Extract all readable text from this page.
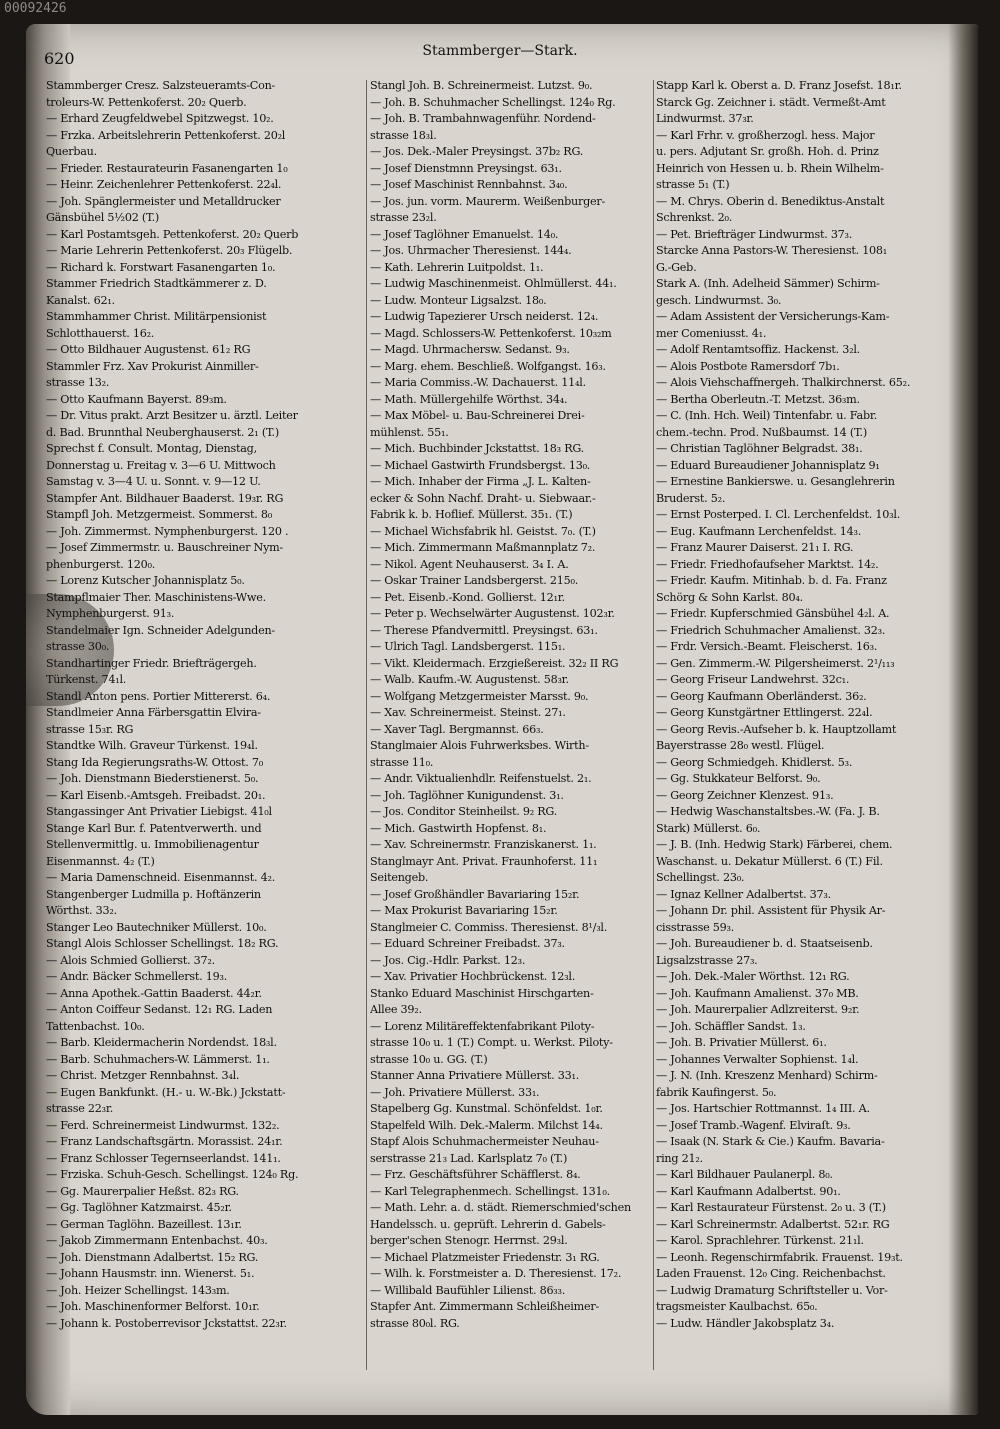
00092426
620	Stammberger—Stark.
Stammberger Cresz. Salzsteueramts-Con-
troleurs-W. Pettenkoferst. 20₂ Querb.
— Erhard Zeugfeldwebel Spitzwegst. 10₂.
— Frzka. Arbeitslehrerin Pettenkoferst. 20₂l
Querbau.
— Frieder. Restaurateurin Fasanengarten 1₀
— Heinr. Zeichenlehrer Pettenkoferst. 22₄l.
— Joh. Spänglermeister und Metalldrucker
Gänsbühel 5½02 (T.)
— Karl Postamtsgeh. Pettenkoferst. 20₂ Querb
— Marie Lehrerin Pettenkoferst. 20₃ Flügelb.
— Richard k. Forstwart Fasanengarten 1₀.
Stammer Friedrich Stadtkämmerer z. D.
Kanalst. 62₁.
Stammhammer Christ. Militärpensionist
Schlotthauerst. 16₂.
— Otto Bildhauer Augustenst. 61₂ RG
Stammler Frz. Xav Prokurist Ainmiller-
strasse 13₂.
— Otto Kaufmann Bayerst. 89₃m.
— Dr. Vitus prakt. Arzt Besitzer u. ärztl. Leiter
d. Bad. Brunnthal Neuberghauserst. 2₁ (T.)
Sprechst f. Consult. Montag, Dienstag,
Donnerstag u. Freitag v. 3—6 U. Mittwoch
Samstag v. 3—4 U. u. Sonnt. v. 9—12 U.
Stampfer Ant. Bildhauer Baaderst. 19₃r. RG
Stampfl Joh. Metzgermeist. Sommerst. 8₀
— Joh. Zimmermst. Nymphenburgerst. 120 .
— Josef Zimmermstr. u. Bauschreiner Nym-
phenburgerst. 120₀.
— Lorenz Kutscher Johannisplatz 5₀.
Stampflmaier Ther. Maschinistens-Wwe.
Nymphenburgerst. 91₃.
Standelmaier Ign. Schneider Adelgunden-
strasse 30₀.
Standhartinger Friedr. Briefträgergeh.
Türkenst. 74₁l.
Standl Anton pens. Portier Mittererst. 6₄.
Standlmeier Anna Färbersgattin Elvira-
strasse 15₃r. RG
Standtke Wilh. Graveur Türkenst. 19₄l.
Stang Ida Regierungsraths-W. Ottost. 7₀
— Joh. Dienstmann Biederstienerst. 5₀.
— Karl Eisenb.-Amtsgeh. Freibadst. 20₁.
Stangassinger Ant Privatier Liebigst. 41₀l
Stange Karl Bur. f. Patentverwerth. und
Stellenvermittlg. u. Immobilienagentur
Eisenmannst. 4₂ (T.)
— Maria Damenschneid. Eisenmannst. 4₂.
Stangenberger Ludmilla p. Hoftänzerin
Wörthst. 33₂.
Stanger Leo Bautechniker Müllerst. 10₀.
Stangl Alois Schlosser Schellingst. 18₂ RG.
— Alois Schmied Gollierst. 37₂.
— Andr. Bäcker Schmellerst. 19₃.
— Anna Apothek.-Gattin Baaderst. 44₂r.
— Anton Coiffeur Sedanst. 12₁ RG. Laden
Tattenbachst. 10₀.
— Barb. Kleidermacherin Nordendst. 18₃l.
— Barb. Schuhmachers-W. Lämmerst. 1₁.
— Christ. Metzger Rennbahnst. 3₄l.
— Eugen Bankfunkt. (H.- u. W.-Bk.) Jckstatt-
strasse 22₃r.
— Ferd. Schreinermeist Lindwurmst. 132₂.
— Franz Landschaftsgärtn. Morassist. 24₁r.
— Franz Schlosser Tegernseerlandst. 141₁.
— Frziska. Schuh-Gesch. Schellingst. 124₀ Rg.
— Gg. Maurerpalier Heßst. 82₃ RG.
— Gg. Taglöhner Katzmairst. 45₂r.
— German Taglöhn. Bazeillest. 13₁r.
— Jakob Zimmermann Entenbachst. 40₃.
— Joh. Dienstmann Adalbertst. 15₂ RG.
— Johann Hausmstr. inn. Wienerst. 5₁.
— Joh. Heizer Schellingst. 143₃m.
— Joh. Maschinenformer Belforst. 10₁r.
— Johann k. Postoberrevisor Jckstattst. 22₃r.
Stangl Joh. B. Schreinermeist. Lutzst. 9₀.
— Joh. B. Schuhmacher Schellingst. 124₀ Rg.
— Joh. B. Trambahnwagenführ. Nordend-
strasse 18₃l.
— Jos. Dek.-Maler Preysingst. 37b₂ RG.
— Josef Dienstmnn Preysingst. 63₁.
— Josef Maschinist Rennbahnst. 3₄₀.
— Jos. jun. vorm. Maurerm. Weißenburger-
strasse 23₂l.
— Josef Taglöhner Emanuelst. 14₀.
— Jos. Uhrmacher Theresienst. 144₄.
— Kath. Lehrerin Luitpoldst. 1₁.
— Ludwig Maschinenmeist. Ohlmüllerst. 44₁.
— Ludw. Monteur Ligsalzst. 18₀.
— Ludwig Tapezierer Ursch neiderst. 12₄.
— Magd. Schlossers-W. Pettenkoferst. 10₃₂m
— Magd. Uhrmachersw. Sedanst. 9₃.
— Marg. ehem. Beschließ. Wolfgangst. 16₃.
— Maria Commiss.-W. Dachauerst. 11₄l.
— Math. Müllergehilfe Wörthst. 34₄.
— Max Möbel- u. Bau-Schreinerei Drei-
mühlenst. 55₁.
— Mich. Buchbinder Jckstattst. 18₃ RG.
— Michael Gastwirth Frundsbergst. 13₀.
— Mich. Inhaber der Firma „J. L. Kalten-
ecker & Sohn Nachf. Draht- u. Siebwaar.-
Fabrik k. b. Hoflief. Müllerst. 35₁. (T.)
— Michael Wichsfabrik hl. Geistst. 7₀. (T.)
— Mich. Zimmermann Maßmannplatz 7₂.
— Nikol. Agent Neuhauserst. 3₄ I. A.
— Oskar Trainer Landsbergerst. 215₀.
— Pet. Eisenb.-Kond. Gollierst. 12₁r.
— Peter p. Wechselwärter Augustenst. 102₃r.
— Therese Pfandvermittl. Preysingst. 63₁.
— Ulrich Tagl. Landsbergerst. 115₁.
— Vikt. Kleidermach. Erzgießereist. 32₂ II RG
— Walb. Kaufm.-W. Augustenst. 58₃r.
— Wolfgang Metzgermeister Marsst. 9₀.
— Xav. Schreinermeist. Steinst. 27₁.
— Xaver Tagl. Bergmannst. 66₃.
Stanglmaier Alois Fuhrwerksbes. Wirth-
strasse 11₀.
— Andr. Viktualienhdlr. Reifenstuelst. 2₁.
— Joh. Taglöhner Kunigundenst. 3₁.
— Jos. Conditor Steinheilst. 9₂ RG.
— Mich. Gastwirth Hopfenst. 8₁.
— Xav. Schreinermstr. Franziskanerst. 1₁.
Stanglmayr Ant. Privat. Fraunhoferst. 11₁
Seitengeb.
— Josef Großhändler Bavariaring 15₂r.
— Max Prokurist Bavariaring 15₂r.
Stanglmeier C. Commiss. Theresienst. 8¹/₃l.
— Eduard Schreiner Freibadst. 37₃.
— Jos. Cig.-Hdlr. Parkst. 12₃.
— Xav. Privatier Hochbrückenst. 12₃l.
Stanko Eduard Maschinist Hirschgarten-
Allee 39₂.
— Lorenz Militäreffektenfabrikant Piloty-
strasse 10₀ u. 1 (T.) Compt. u. Werkst. Piloty-
strasse 10₀ u. GG. (T.)
Stanner Anna Privatiere Müllerst. 33₁.
— Joh. Privatiere Müllerst. 33₁.
Stapelberg Gg. Kunstmal. Schönfeldst. 1₀r.
Stapelfeld Wilh. Dek.-Malerm. Milchst 14₄.
Stapf Alois Schuhmachermeister Neuhau-
serstrasse 21₃ Lad. Karlsplatz 7₀ (T.)
— Frz. Geschäftsführer Schäfflerst. 8₄.
— Karl Telegraphenmech. Schellingst. 131₀.
— Math. Lehr. a. d. städt. Riemerschmied'schen
Handelssch. u. geprüft. Lehrerin d. Gabels-
berger'schen Stenogr. Herrnst. 29₃l.
— Michael Platzmeister Friedenstr. 3₁ RG.
— Wilh. k. Forstmeister a. D. Theresienst. 17₂.
— Willibald Baufühler Lilienst. 86₃₃.
Stapfer Ant. Zimmermann Schleißheimer-
strasse 80₀l. RG.
Stapp Karl k. Oberst a. D. Franz Josefst. 18₁r.
Starck Gg. Zeichner i. städt. Vermeßt-Amt
Lindwurmst. 37₃r.
— Karl Frhr. v. großherzogl. hess. Major
u. pers. Adjutant Sr. großh. Hoh. d. Prinz
Heinrich von Hessen u. b. Rhein Wilhelm-
strasse 5₁ (T.)
— M. Chrys. Oberin d. Benediktus-Anstalt
Schrenkst. 2₀.
— Pet. Briefträger Lindwurmst. 37₃.
Starcke Anna Pastors-W. Theresienst. 108₁
G.-Geb.
Stark A. (Inh. Adelheid Sämmer) Schirm-
gesch. Lindwurmst. 3₀.
— Adam Assistent der Versicherungs-Kam-
mer Comeniusst. 4₁.
— Adolf Rentamtsoffiz. Hackenst. 3₂l.
— Alois Postbote Ramersdorf 7b₁.
— Alois Viehschaffnergeh. Thalkirchnerst. 65₂.
— Bertha Oberleutn.-T. Metzst. 36₃m.
— C. (Inh. Hch. Weil) Tintenfabr. u. Fabr.
chem.-techn. Prod. Nußbaumst. 14 (T.)
— Christian Taglöhner Belgradst. 38₁.
— Eduard Bureaudiener Johannisplatz 9₁
— Ernestine Bankierswe. u. Gesanglehrerin
Bruderst. 5₂.
— Ernst Posterped. I. Cl. Lerchenfeldst. 10₃l.
— Eug. Kaufmann Lerchenfeldst. 14₃.
— Franz Maurer Daiserst. 21₁ I. RG.
— Friedr. Friedhofaufseher Marktst. 14₂.
— Friedr. Kaufm. Mitinhab. b. d. Fa. Franz
Schörg & Sohn Karlst. 80₄.
— Friedr. Kupferschmied Gänsbühel 4₂l. A.
— Friedrich Schuhmacher Amalienst. 32₃.
— Frdr. Versich.-Beamt. Fleischerst. 16₃.
— Gen. Zimmerm.-W. Pilgersheimerst. 2¹/₁₁₃
— Georg Friseur Landwehrst. 32c₁.
— Georg Kaufmann Oberländerst. 36₂.
— Georg Kunstgärtner Ettlingerst. 22₄l.
— Georg Revis.-Aufseher b. k. Hauptzollamt
Bayerstrasse 28₀ westl. Flügel.
— Georg Schmiedgeh. Khidlerst. 5₃.
— Gg. Stukkateur Belforst. 9₀.
— Georg Zeichner Klenzest. 91₃.
— Hedwig Waschanstaltsbes.-W. (Fa. J. B.
Stark) Müllerst. 6₀.
— J. B. (Inh. Hedwig Stark) Färberei, chem.
Waschanst. u. Dekatur Müllerst. 6 (T.) Fil.
Schellingst. 23₀.
— Ignaz Kellner Adalbertst. 37₃.
— Johann Dr. phil. Assistent für Physik Ar-
cisstrasse 59₃.
— Joh. Bureaudiener b. d. Staatseisenb.
Ligsalzstrasse 27₃.
— Joh. Dek.-Maler Wörthst. 12₁ RG.
— Joh. Kaufmann Amalienst. 37₀ MB.
— Joh. Maurerpalier Adlzreiterst. 9₂r.
— Joh. Schäffler Sandst. 1₃.
— Joh. B. Privatier Müllerst. 6₁.
— Johannes Verwalter Sophienst. 1₄l.
— J. N. (Inh. Kreszenz Menhard) Schirm-
fabrik Kaufingerst. 5₀.
— Jos. Hartschier Rottmannst. 1₄ III. A.
— Josef Tramb.-Wagenf. Elviraſt. 9₃.
— Isaak (N. Stark & Cie.) Kaufm. Bavaria-
ring 21₂.
— Karl Bildhauer Paulanerpl. 8₀.
— Karl Kaufmann Adalbertst. 90₁.
— Karl Restaurateur Fürstenst. 2₀ u. 3 (T.)
— Karl Schreinermstr. Adalbertst. 52₁r. RG
— Karol. Sprachlehrer. Türkenst. 21₁l.
— Leonh. Regenschirmfabrik. Frauenst. 19₃t.
Laden Frauenst. 12₀ Cing. Reichenbachst.
— Ludwig Dramaturg Schriftsteller u. Vor-
tragsmeister Kaulbachst. 65₀.
— Ludw. Händler Jakobsplatz 3₄.
